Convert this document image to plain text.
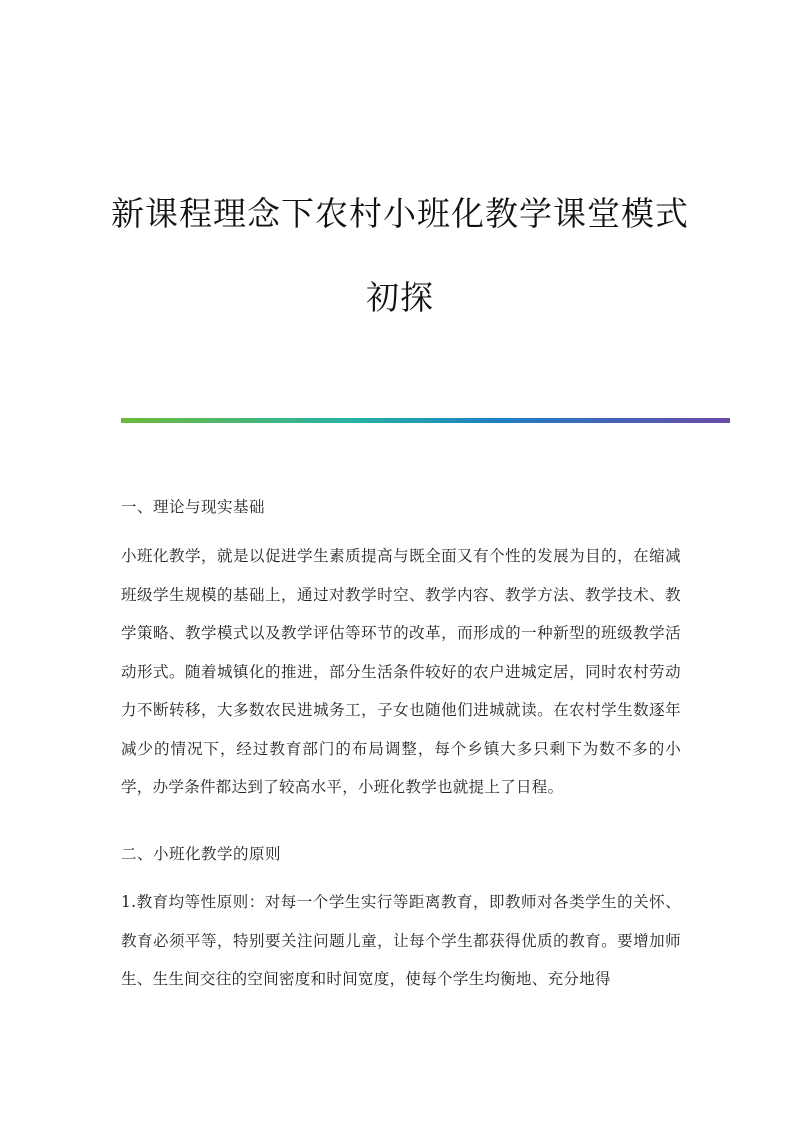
新课程理念下农村小班化教学课堂模式
初探

一、理论与现实基础

小班化教学，就是以促进学生素质提高与既全面又有个性的发展为目的，在缩减班级学生规模的基础上，通过对教学时空、教学内容、教学方法、教学技术、教学策略、教学模式以及教学评估等环节的改革，而形成的一种新型的班级教学活动形式。随着城镇化的推进，部分生活条件较好的农户进城定居，同时农村劳动力不断转移，大多数农民进城务工，子女也随他们进城就读。在农村学生数逐年减少的情况下，经过教育部门的布局调整，每个乡镇大多只剩下为数不多的小学，办学条件都达到了较高水平，小班化教学也就提上了日程。

二、小班化教学的原则

1.教育均等性原则：对每一个学生实行等距离教育，即教师对各类学生的关怀、教育必须平等，特别要关注问题儿童，让每个学生都获得优质的教育。要增加师生、生生间交往的空间密度和时间宽度，使每个学生均衡地、充分地得
